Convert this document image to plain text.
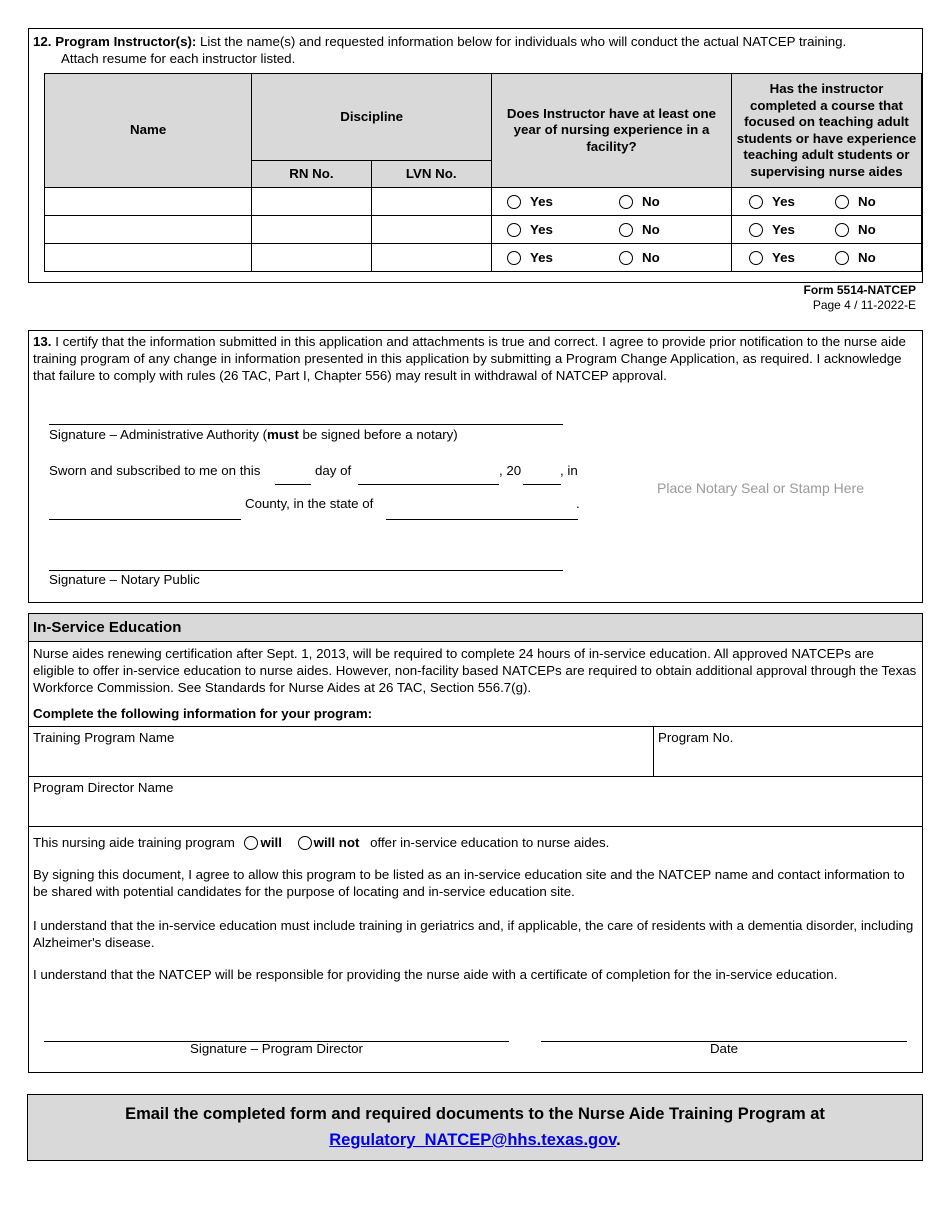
12. Program Instructor(s): List the name(s) and requested information below for individuals who will conduct the actual NATCEP training.
Attach resume for each instructor listed.
Name	Discipline		Does Instructor have at least one year of nursing experience in a facility?	Has the instructor completed a course that focused on teaching adult students or have experience teaching adult students or supervising nurse aides
	RN No.	LVN No.		

			Yes No	Yes No

			Yes No	Yes No

			Yes No	Yes No
Form 5514-NATCEP
Page 4 / 11-2022-E
13. I certify that the information submitted in this application and attachments is true and correct. I agree to provide prior notification to the nurse aide training program of any change in information presented in this application by submitting a Program Change Application, as required. I acknowledge that failure to comply with rules (26 TAC, Part I, Chapter 556) may result in withdrawal of NATCEP approval.
Signature – Administrative Authority (must be signed before a notary)
Sworn and subscribed to me on this	day of	, 20	, in
County, in the state of	.
Place Notary Seal or Stamp Here
Signature – Notary Public
In-Service Education
Nurse aides renewing certification after Sept. 1, 2013, will be required to complete 24 hours of in-service education. All approved NATCEPs are eligible to offer in-service education to nurse aides. However, non-facility based NATCEPs are required to obtain additional approval through the Texas Workforce Commission. See Standards for Nurse Aides at 26 TAC, Section 556.7(g).
Complete the following information for your program:
Training Program Name	Program No.
Program Director Name
This nursing aide training program will will not offer in-service education to nurse aides.
By signing this document, I agree to allow this program to be listed as an in-service education site and the NATCEP name and contact information to be shared with potential candidates for the purpose of locating and in-service education site.
I understand that the in-service education must include training in geriatrics and, if applicable, the care of residents with a dementia disorder, including Alzheimer's disease.
I understand that the NATCEP will be responsible for providing the nurse aide with a certificate of completion for the in-service education.
Signature – Program Director	Date
Email the completed form and required documents to the Nurse Aide Training Program at
Regulatory_NATCEP@hhs.texas.gov.
